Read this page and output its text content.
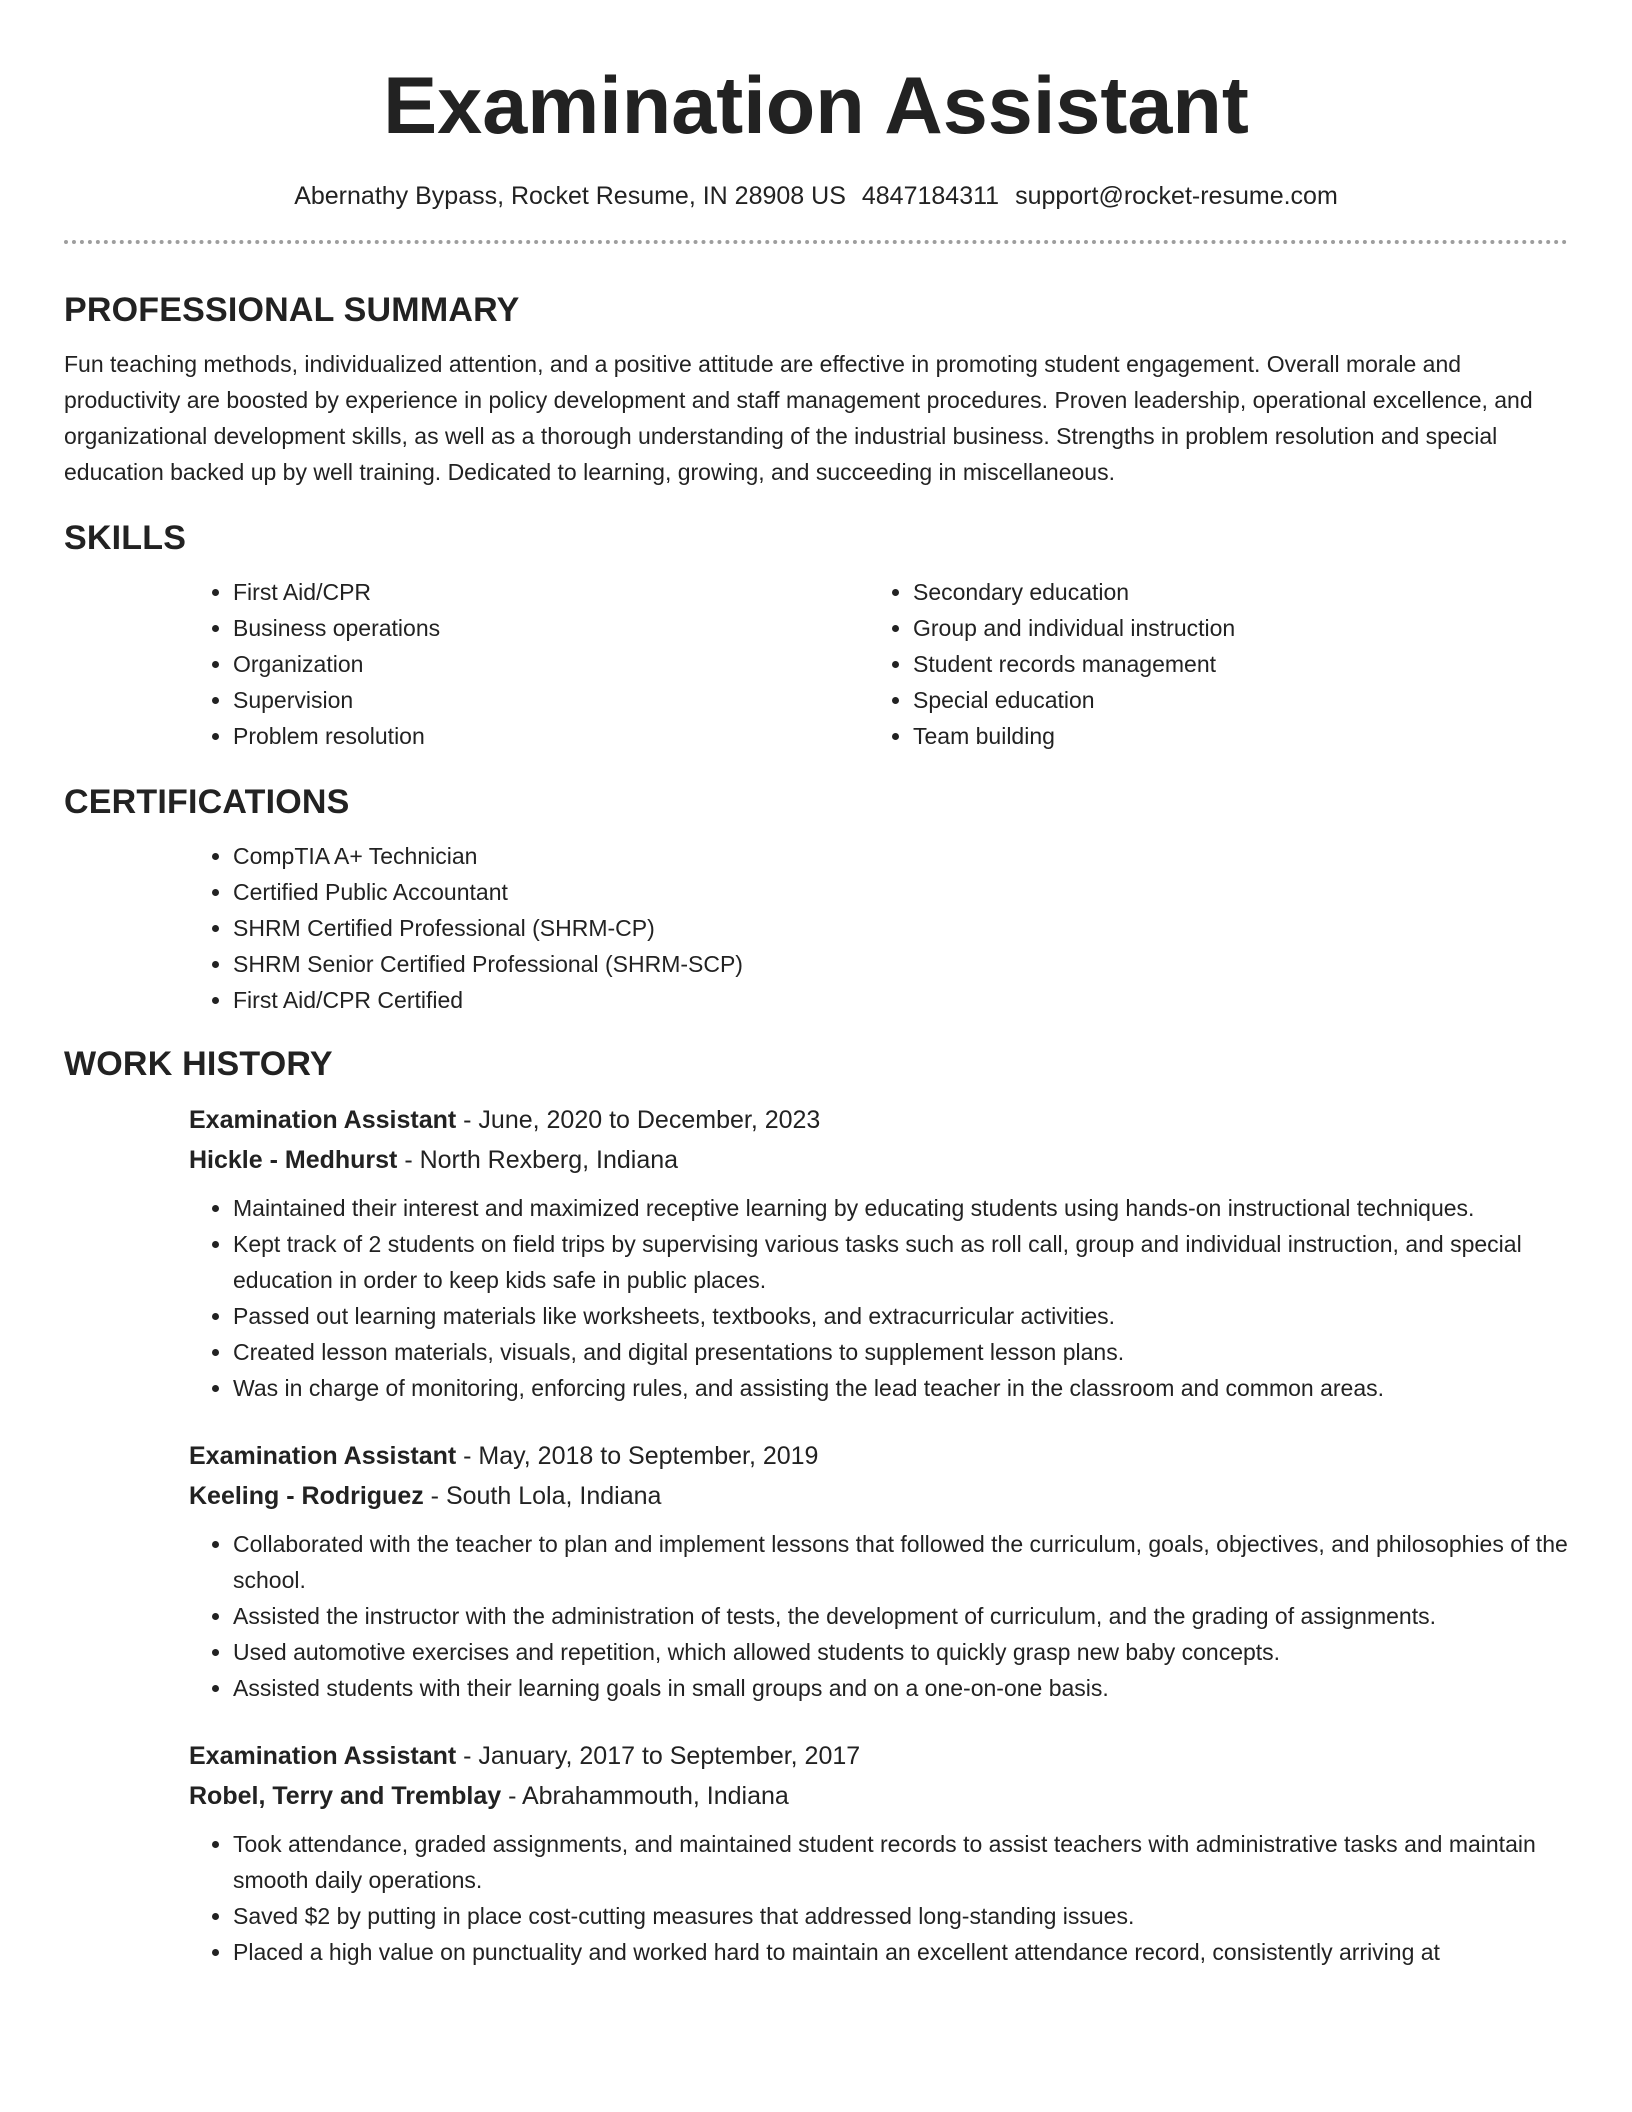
Examination Assistant
Abernathy Bypass, Rocket Resume, IN 28908 US 4847184311 support@rocket-resume.com
PROFESSIONAL SUMMARY

Fun teaching methods, individualized attention, and a positive attitude are effective in promoting student engagement. Overall morale and productivity are boosted by experience in policy development and staff management procedures. Proven leadership, operational excellence, and organizational development skills, as well as a thorough understanding of the industrial business. Strengths in problem resolution and special education backed up by well training. Dedicated to learning, growing, and succeeding in miscellaneous.

SKILLS
• First Aid/CPR
• Business operations
• Organization
• Supervision
• Problem resolution
• Secondary education
• Group and individual instruction
• Student records management
• Special education
• Team building
CERTIFICATIONS
• CompTIA A+ Technician
• Certified Public Accountant
• SHRM Certified Professional (SHRM-CP)
• SHRM Senior Certified Professional (SHRM-SCP)
• First Aid/CPR Certified
WORK HISTORY
Examination Assistant - June, 2020 to December, 2023
Hickle - Medhurst - North Rexberg, Indiana
• Maintained their interest and maximized receptive learning by educating students using hands-on instructional techniques.
• Kept track of 2 students on field trips by supervising various tasks such as roll call, group and individual instruction, and special education in order to keep kids safe in public places.
• Passed out learning materials like worksheets, textbooks, and extracurricular activities.
• Created lesson materials, visuals, and digital presentations to supplement lesson plans.
• Was in charge of monitoring, enforcing rules, and assisting the lead teacher in the classroom and common areas.
Examination Assistant - May, 2018 to September, 2019
Keeling - Rodriguez - South Lola, Indiana
• Collaborated with the teacher to plan and implement lessons that followed the curriculum, goals, objectives, and philosophies of the school.
• Assisted the instructor with the administration of tests, the development of curriculum, and the grading of assignments.
• Used automotive exercises and repetition, which allowed students to quickly grasp new baby concepts.
• Assisted students with their learning goals in small groups and on a one-on-one basis.
Examination Assistant - January, 2017 to September, 2017
Robel, Terry and Tremblay - Abrahammouth, Indiana
• Took attendance, graded assignments, and maintained student records to assist teachers with administrative tasks and maintain smooth daily operations.
• Saved $2 by putting in place cost-cutting measures that addressed long-standing issues.
• Placed a high value on punctuality and worked hard to maintain an excellent attendance record, consistently arriving at
